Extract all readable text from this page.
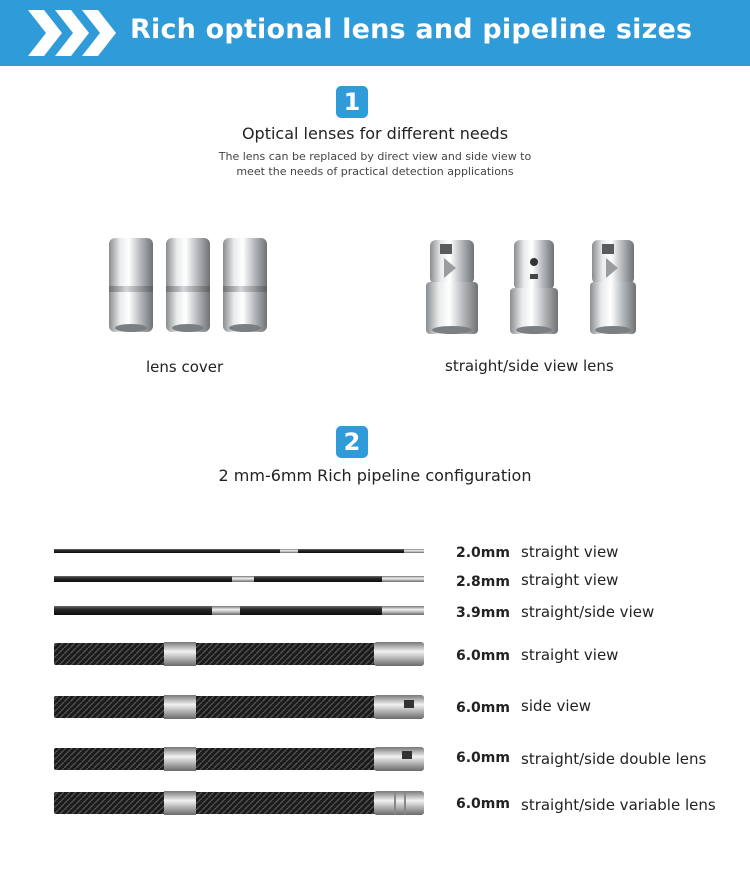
Rich optional lens and pipeline sizes
1
Optical lenses for different needs
The lens can be replaced by direct view and side view to
meet the needs of practical detection applications
lens cover	straight/side view lens
2
2 mm-6mm Rich pipeline configuration
2.0mm straight view
2.8mm straight view
3.9mm straight/side view
6.0mm straight view
6.0mm side view
6.0mm straight/side double lens
6.0mm straight/side variable lens
